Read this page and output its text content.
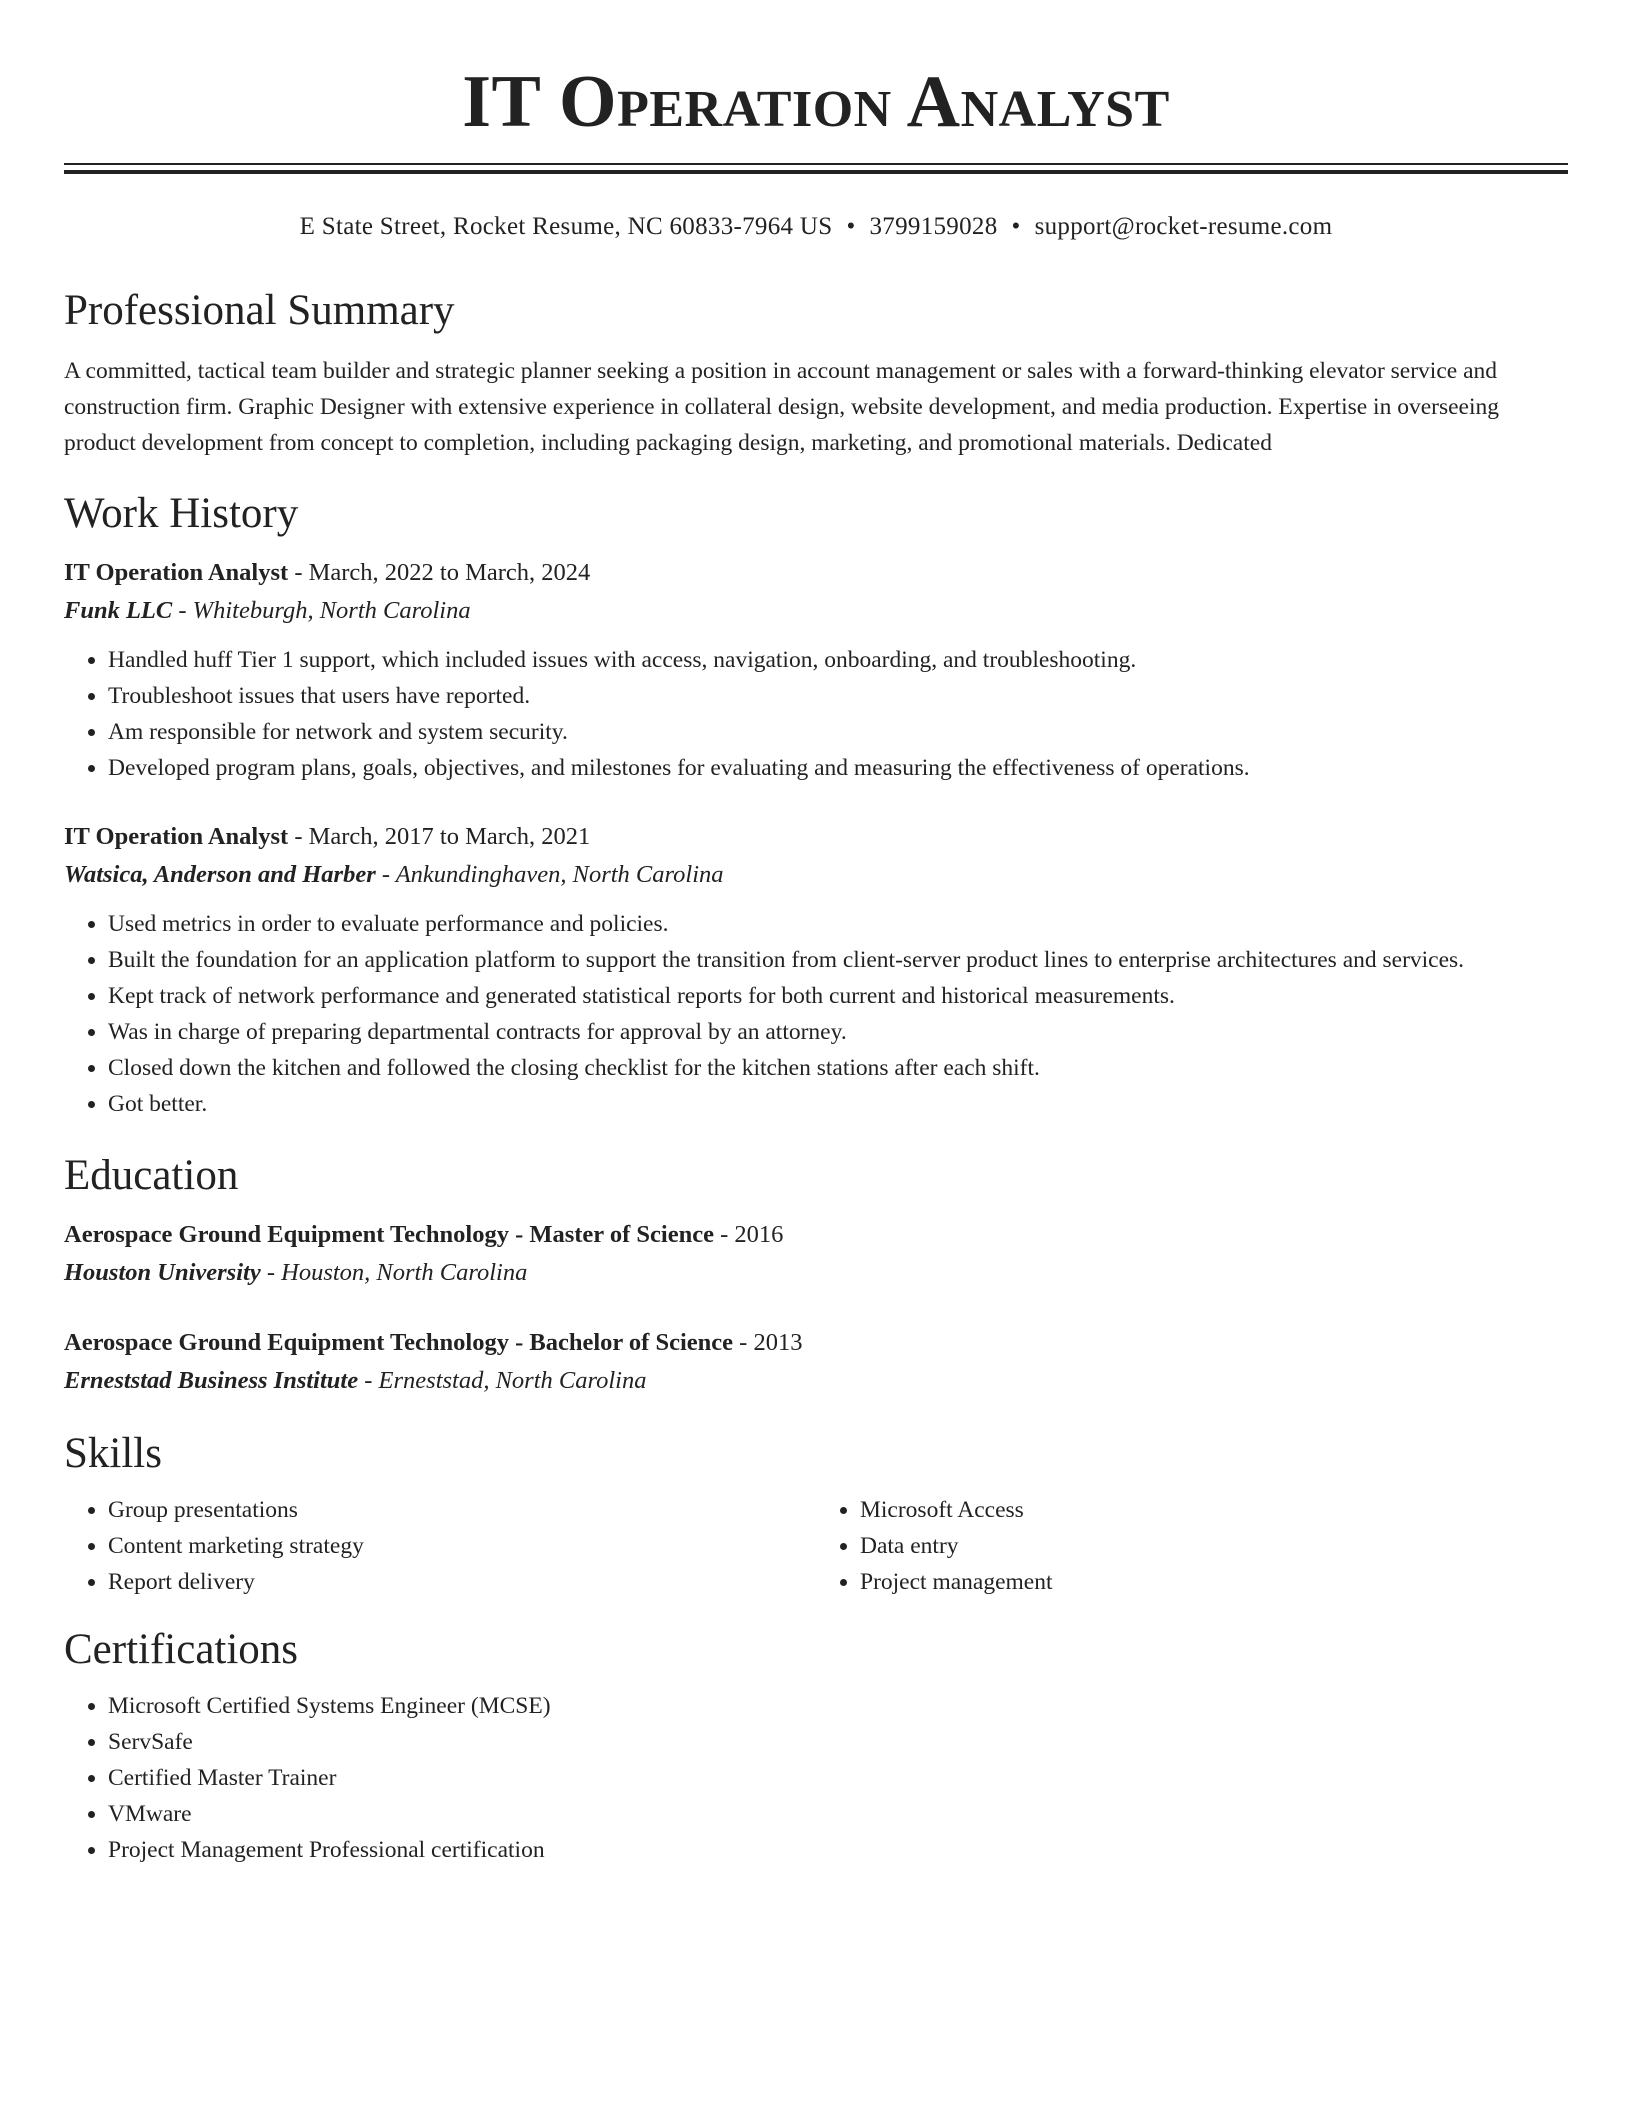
IT Operation Analyst
E State Street, Rocket Resume, NC 60833-7964 US • 3799159028 • support@rocket-resume.com
Professional Summary

A committed, tactical team builder and strategic planner seeking a position in account management or sales with a forward-thinking elevator service and construction firm. Graphic Designer with extensive experience in collateral design, website development, and media production. Expertise in overseeing product development from concept to completion, including packaging design, marketing, and promotional materials. Dedicated

Work History
IT Operation Analyst - March, 2022 to March, 2024
Funk LLC - Whiteburgh, North Carolina
• Handled huff Tier 1 support, which included issues with access, navigation, onboarding, and troubleshooting.
• Troubleshoot issues that users have reported.
• Am responsible for network and system security.
• Developed program plans, goals, objectives, and milestones for evaluating and measuring the effectiveness of operations.
IT Operation Analyst - March, 2017 to March, 2021
Watsica, Anderson and Harber - Ankundinghaven, North Carolina
• Used metrics in order to evaluate performance and policies.
• Built the foundation for an application platform to support the transition from client-server product lines to enterprise architectures and services.
• Kept track of network performance and generated statistical reports for both current and historical measurements.
• Was in charge of preparing departmental contracts for approval by an attorney.
• Closed down the kitchen and followed the closing checklist for the kitchen stations after each shift.
• Got better.
Education
Aerospace Ground Equipment Technology - Master of Science - 2016
Houston University - Houston, North Carolina
Aerospace Ground Equipment Technology - Bachelor of Science - 2013
Erneststad Business Institute - Erneststad, North Carolina
Skills
• Group presentations
• Content marketing strategy
• Report delivery
• Microsoft Access
• Data entry
• Project management
Certifications
• Microsoft Certified Systems Engineer (MCSE)
• ServSafe
• Certified Master Trainer
• VMware
• Project Management Professional certification
